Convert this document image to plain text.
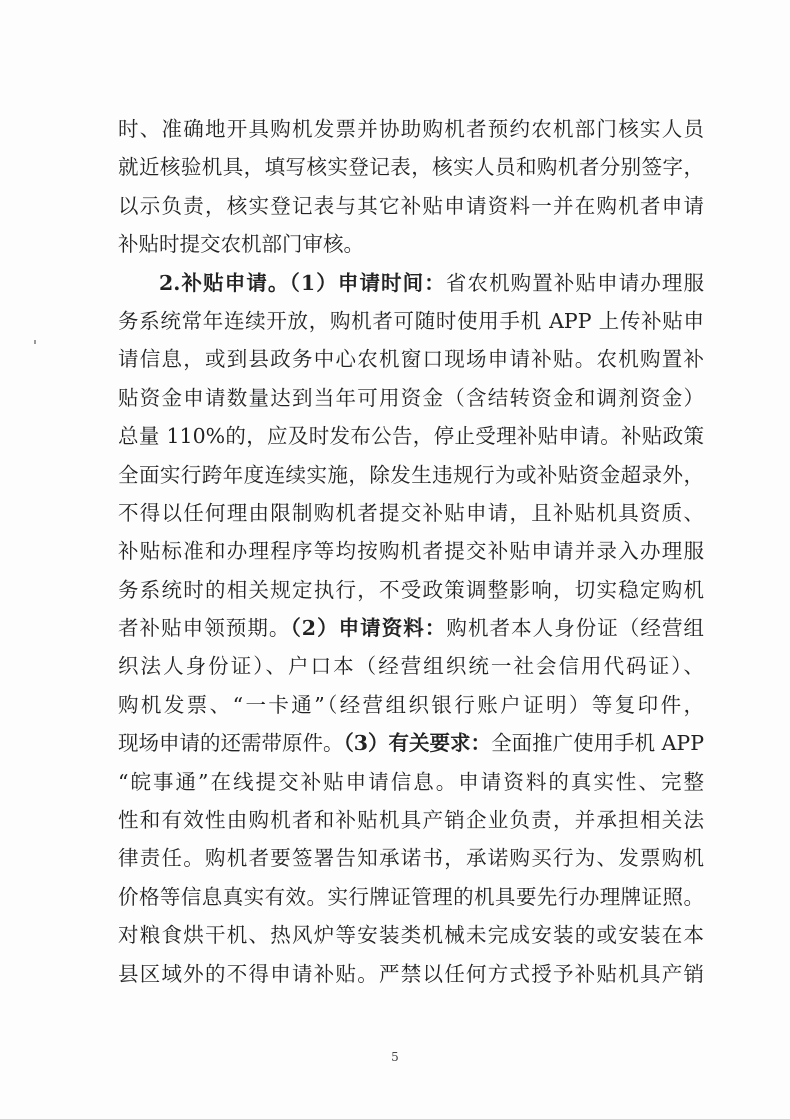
时、准确地开具购机发票并协助购机者预约农机部门核实人员
就近核验机具，填写核实登记表，核实人员和购机者分别签字，
以示负责，核实登记表与其它补贴申请资料一并在购机者申请
补贴时提交农机部门审核。
2.补贴申请。（1）申请时间：省农机购置补贴申请办理服
务系统常年连续开放，购机者可随时使用手机 APP 上传补贴申
请信息，或到县政务中心农机窗口现场申请补贴。农机购置补
贴资金申请数量达到当年可用资金（含结转资金和调剂资金）
总量 110%的，应及时发布公告，停止受理补贴申请。补贴政策
全面实行跨年度连续实施，除发生违规行为或补贴资金超录外，
不得以任何理由限制购机者提交补贴申请，且补贴机具资质、
补贴标准和办理程序等均按购机者提交补贴申请并录入办理服
务系统时的相关规定执行，不受政策调整影响，切实稳定购机
者补贴申领预期。（2）申请资料：购机者本人身份证（经营组
织法人身份证）、户口本（经营组织统一社会信用代码证）、
购机发票、“一卡通”（经营组织银行账户证明）等复印件，
现场申请的还需带原件。（3）有关要求：全面推广使用手机 APP
“皖事通”在线提交补贴申请信息。申请资料的真实性、完整
性和有效性由购机者和补贴机具产销企业负责，并承担相关法
律责任。购机者要签署告知承诺书，承诺购买行为、发票购机
价格等信息真实有效。实行牌证管理的机具要先行办理牌证照。
对粮食烘干机、热风炉等安装类机械未完成安装的或安装在本
县区域外的不得申请补贴。严禁以任何方式授予补贴机具产销
5
